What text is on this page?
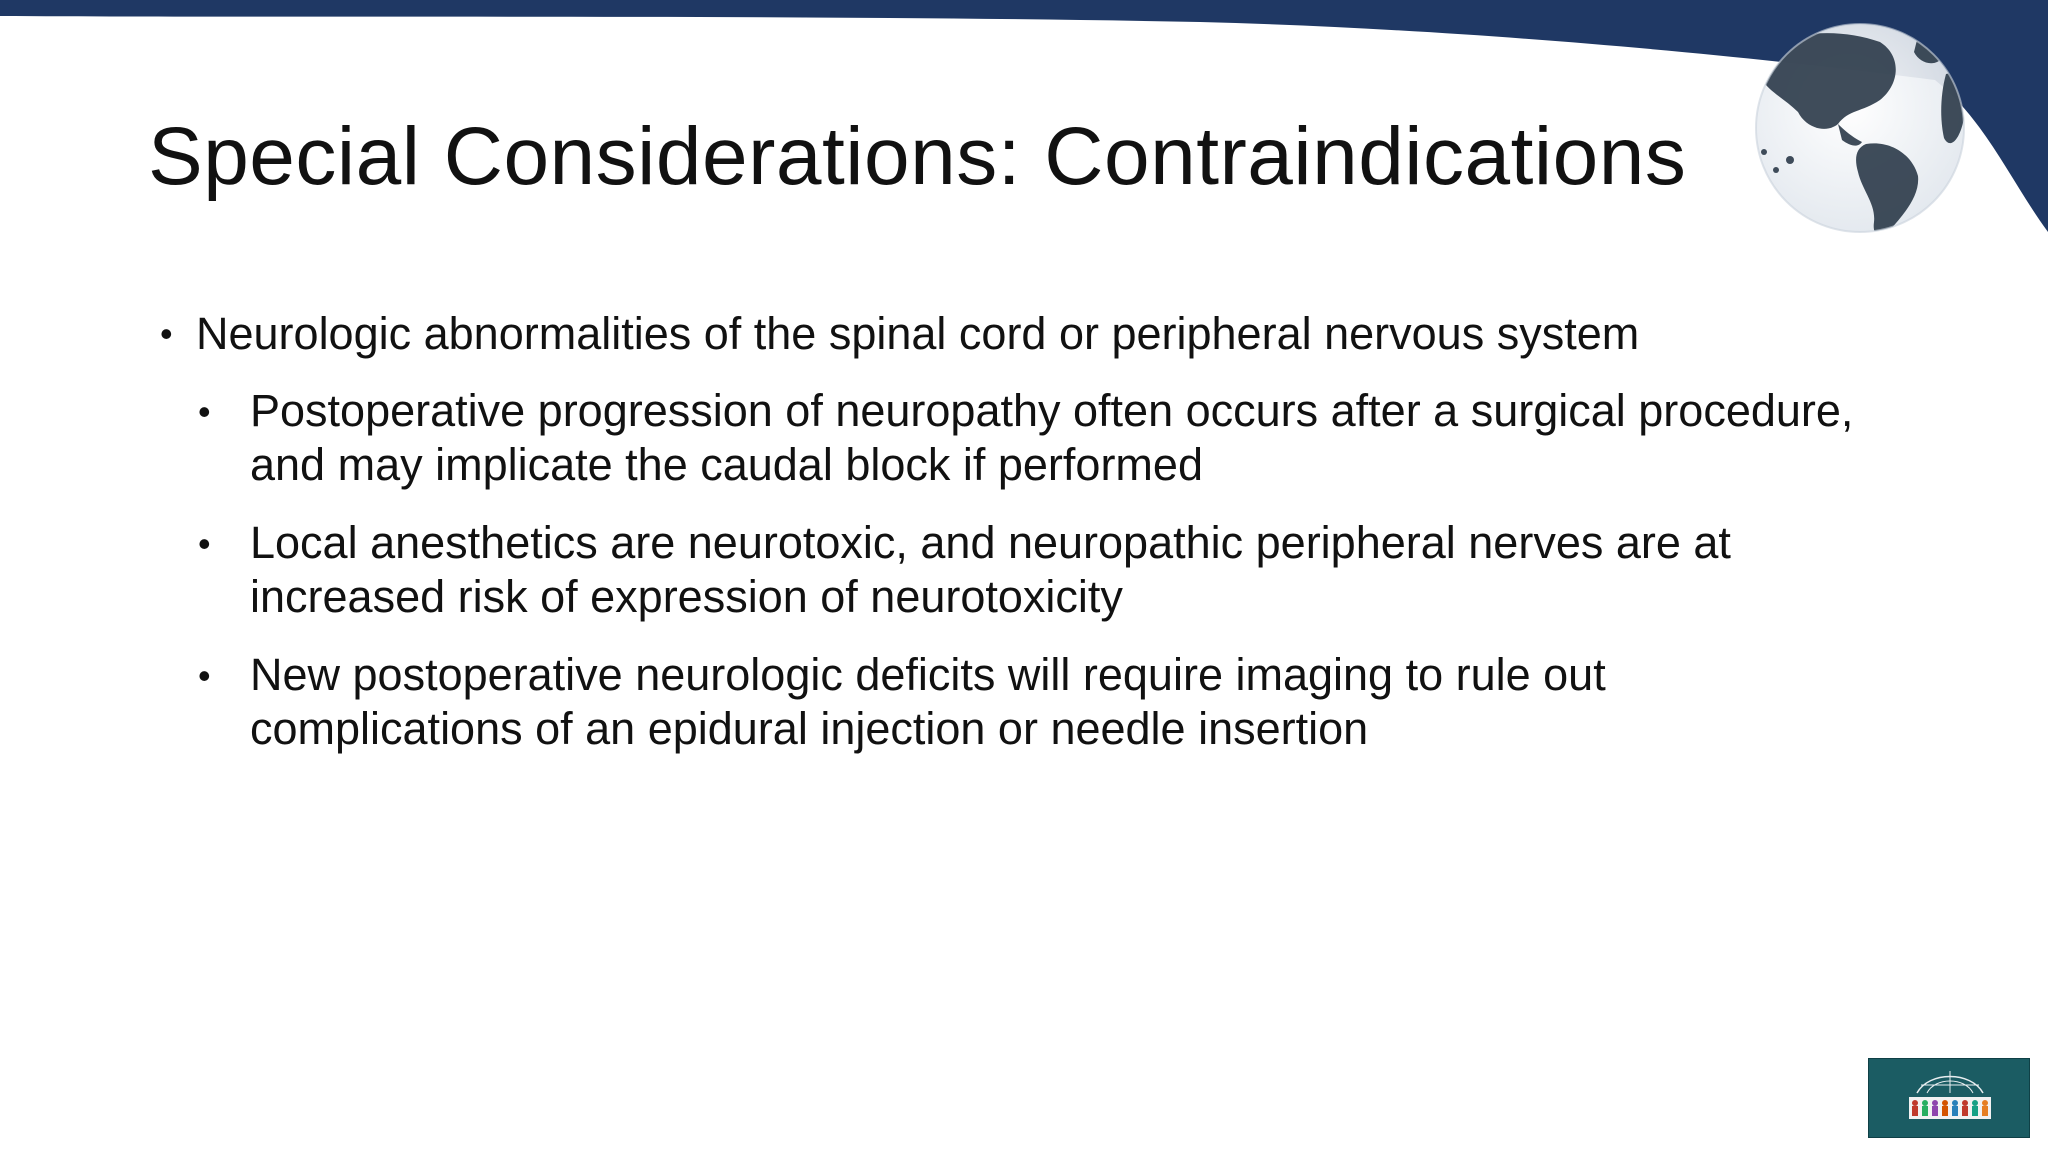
Special Considerations: Contraindications
• Neurologic abnormalities of the spinal cord or peripheral nervous system
• Postoperative progression of neuropathy often occurs after a surgical procedure, and may implicate the caudal block if performed
• Local anesthetics are neurotoxic, and neuropathic peripheral nerves are at increased risk of expression of neurotoxicity
• New postoperative neurologic deficits will require imaging to rule out complications of an epidural injection or needle insertion
